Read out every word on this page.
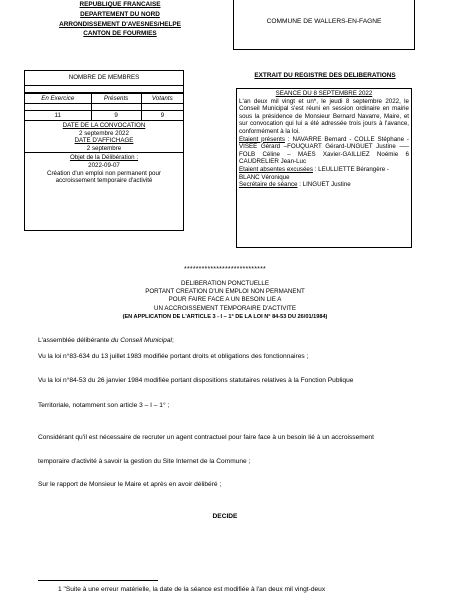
REPUBLIQUE FRANCAISE
DEPARTEMENT DU NORD
ARRONDISSEMENT D'AVESNES/HELPE
CANTON DE FOURMIES
COMMUNE DE WALLERS-EN-FAGNE
NOMBRE DE MEMBRES
En Exercice	Présents	Votants

11	9	9
DATE DE LA CONVOCATION
2 septembre 2022
DATE D'AFFICHAGE
2 septembre
Objet de la Délibération :
2022-09-07
Création d'un emploi non permanent pour accroissement temporaire d'activité
EXTRAIT DU REGISTRE DES DELIBERATIONS
SEANCE DU 8 SEPTEMBRE 2022
L'an deux mil vingt et un*, le jeudi 8 septembre 2022, le Conseil Municipal s'est réuni en session ordinaire en mairie sous la présidence de Monsieur Bernard Navarre, Maire, et sur convocation qui lui a été adressée trois jours à l'avance, conformément à la loi.
Etaient présents : NAVARRE Bernard - COLLE Stéphane - VISEE Gérard –FOUQUART Gérard-UNGUET Justine —– FOLB Céline – MAES Xavier-GAILLIEZ Noémie 6 CAUDRELIER Jean-Luc
Etaient absentes excusées : LEULLIETTE Bérangère - BLANC Véronique
Secrétaire de séance : LINGUET Justine
****************************
DELIBERATION PONCTUELLE
PORTANT CREATION D'UN EMPLOI NON PERMANENT
POUR FAIRE FACE A UN BESOIN LIE A
UN ACCROISSEMENT TEMPORAIRE D'ACTIVITE
(EN APPLICATION DE L'ARTICLE 3 - I – 1° DE LA LOI N° 84-53 DU 26/01/1984)
L'assemblée délibérante du Conseil Municipal;
Vu la loi n°83-634 du 13 juillet 1983 modifiée portant droits et obligations des fonctionnaires ;
Vu la loi n°84-53 du 26 janvier 1984 modifiée portant dispositions statutaires relatives à la Fonction Publique
Territoriale, notamment son article 3 – I – 1° ;
Considérant qu'il est nécessaire de recruter un agent contractuel pour faire face à un besoin lié à un accroissement
temporaire d'activité à savoir la gestion du Site Internet de la Commune ;
Sur le rapport de Monsieur le Maire et après en avoir délibéré ;
DECIDE
1 "Suite à une erreur matérielle, la date de la séance est modifiée à l'an deux mil vingt-deux
